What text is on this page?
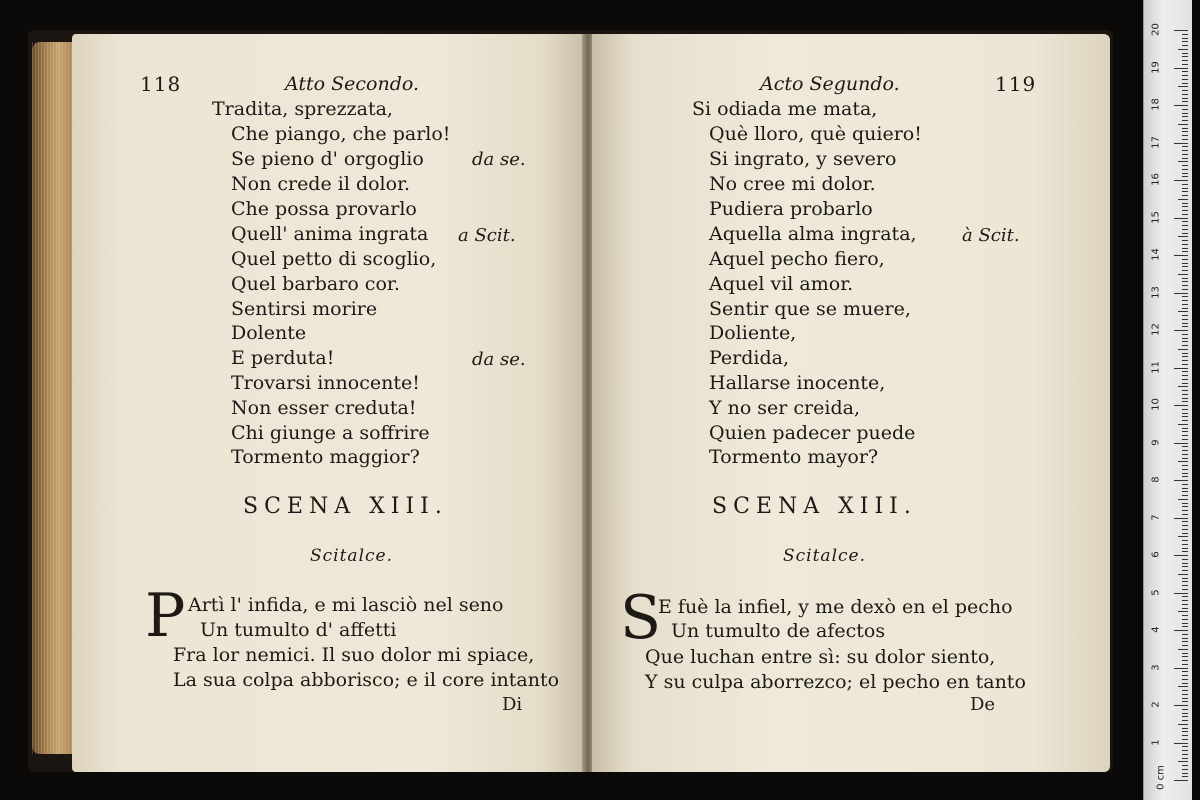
118	Atto Secondo.
Tradita, sprezzata,
Che piango, che parlo!
Se pieno d' orgoglio
Non crede il dolor.
Che possa provarlo
Quell' anima ingrata
Quel petto di scoglio,
Quel barbaro cor.
Sentirsi morire
Dolente
E perduta!
Trovarsi innocente!
Non esser creduta!
Chi giunge a soffrire
Tormento maggior?
da se.
a Scit.
da se.
SCENA XIII.
Scitalce.
P Artì l' infida, e mi lasciò nel seno
Un tumulto d' affetti
Fra lor nemici. Il suo dolor mi spiace,
La sua colpa abborisco; e il core intanto
Di
Acto Segundo.	119
Si odiada me mata,
Què lloro, què quiero!
Si ingrato, y severo
No cree mi dolor.
Pudiera probarlo
Aquella alma ingrata,
Aquel pecho fiero,
Aquel vil amor.
Sentir que se muere,
Doliente,
Perdida,
Hallarse inocente,
Y no ser creida,
Quien padecer puede
Tormento mayor?
à Scit.
SCENA XIII.
Scitalce.
S
E fuè la infiel, y me dexò en el pecho
Un tumulto de afectos
Que luchan entre sì: su dolor siento,
Y su culpa aborrezco; el pecho en tanto
De
20
19
18
17
16
15
14
13
12
11
10
9
8
7
6
5
4
3
2
1
0 cm
